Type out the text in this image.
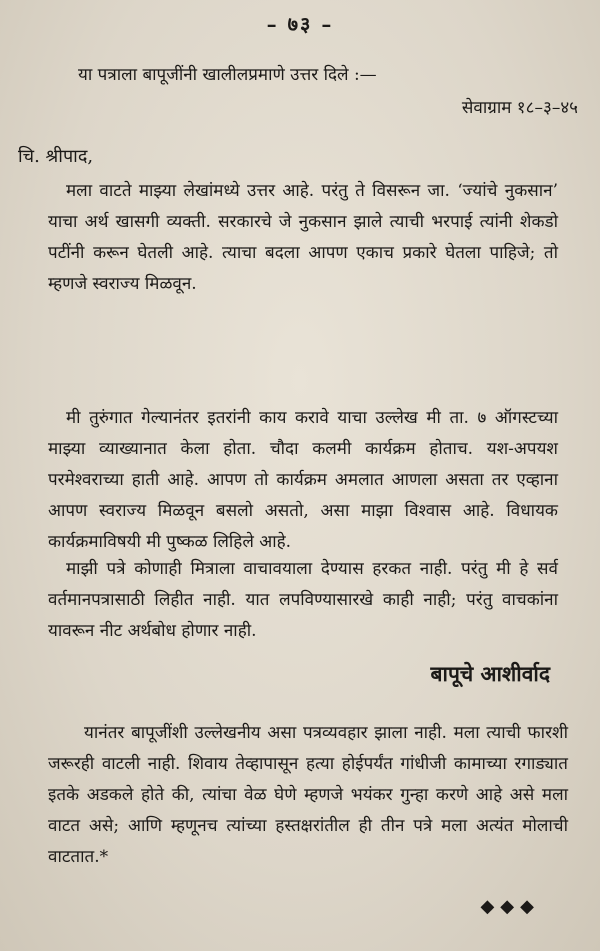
– ७३ –
या पत्राला बापूजींनी खालीलप्रमाणे उत्तर दिले :—
सेवाग्राम १८–३–४५
चि. श्रीपाद,

मला वाटते माझ्या लेखांमध्ये उत्तर आहे. परंतु ते विसरून जा. ‘ज्यांचे नुकसान’ याचा अर्थ खासगी व्यक्ती. सरकारचे जे नुकसान झाले त्याची भरपाई त्यांनी शेकडो पटींनी करून घेतली आहे. त्याचा बदला आपण एकाच प्रकारे घेतला पाहिजे; तो म्हणजे स्वराज्य मिळवून.

मी तुरुंगात गेल्यानंतर इतरांनी काय करावे याचा उल्लेख मी ता. ७ ऑगस्टच्या माझ्या व्याख्यानात केला होता. चौदा कलमी कार्यक्रम होताच. यश-अपयश परमेश्वराच्या हाती आहे. आपण तो कार्यक्रम अमलात आणला असता तर एव्हाना आपण स्वराज्य मिळवून बसलो असतो, असा माझा विश्वास आहे. विधायक कार्यक्रमाविषयी मी पुष्कळ लिहिले आहे.

माझी पत्रे कोणाही मित्राला वाचावयाला देण्यास हरकत नाही. परंतु मी हे सर्व वर्तमानपत्रासाठी लिहीत नाही. यात लपविण्यासारखे काही नाही; परंतु वाचकांना यावरून नीट अर्थबोध होणार नाही.

बापूचे आशीर्वाद

यानंतर बापूजींशी उल्लेखनीय असा पत्रव्यवहार झाला नाही. मला त्याची फारशी जरूरही वाटली नाही. शिवाय तेव्हापासून हत्या होईपर्यंत गांधीजी कामाच्या रगाड्यात इतके अडकले होते की, त्यांचा वेळ घेणे म्हणजे भयंकर गुन्हा करणे आहे असे मला वाटत असे; आणि म्हणूनच त्यांच्या हस्तक्षरांतील ही तीन पत्रे मला अत्यंत मोलाची वाटतात.*

◆◆◆
